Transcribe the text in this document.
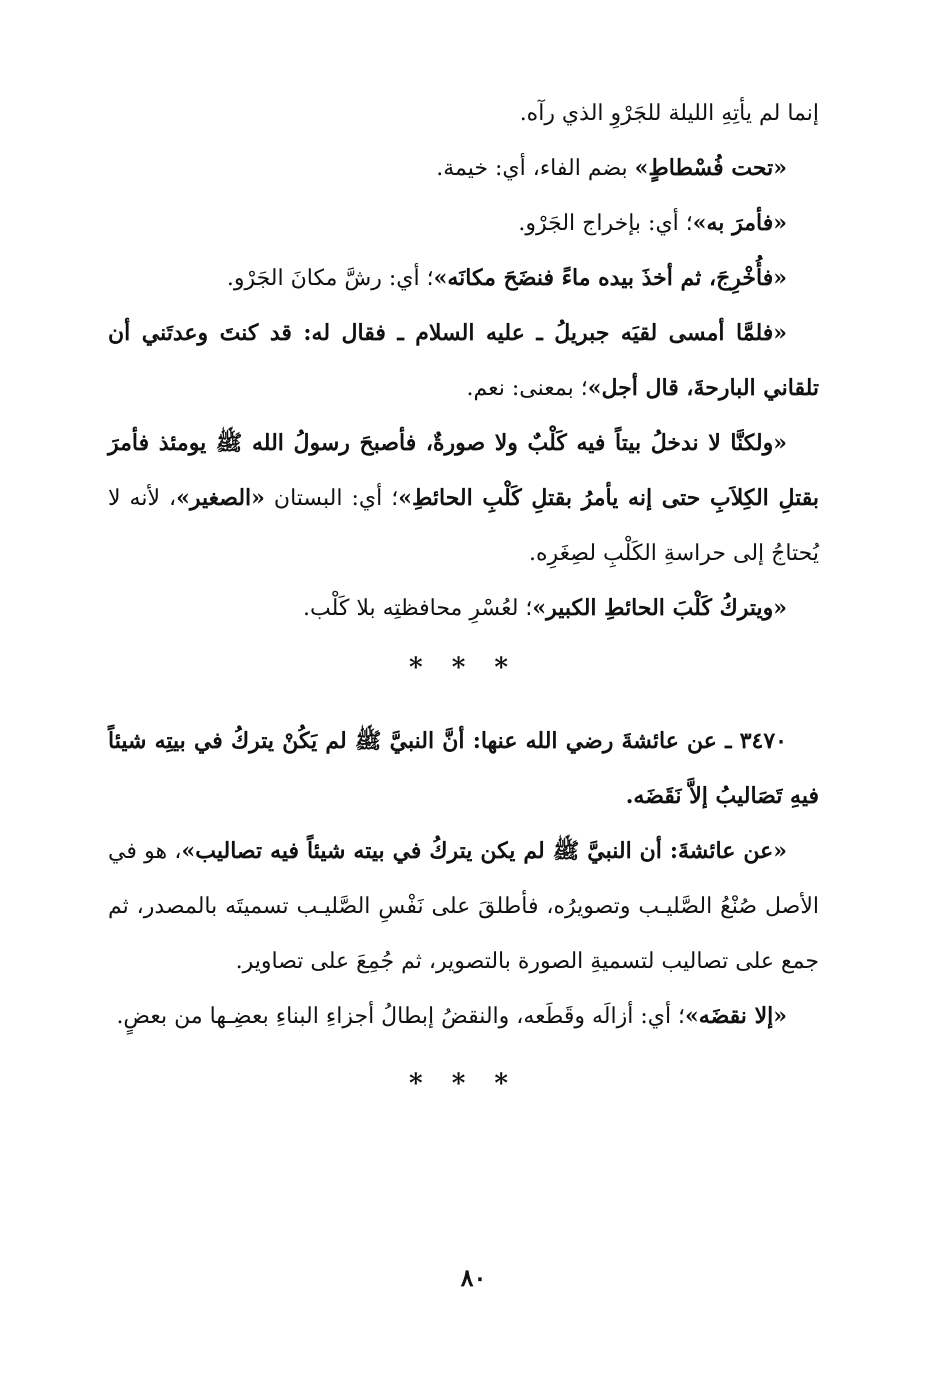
إنما لم يأتِهِ الليلة للجَرْوِ الذي رآه.

«تحت فُسْطاطٍ» بضم الفاء، أي: خيمة.

«فأمرَ به»؛ أي: بإخراج الجَرْو.

«فأُخْرِجَ، ثم أخذَ بيده ماءً فنضَحَ مكانَه»؛ أي: رشَّ مكانَ الجَرْو.

«فلمَّا أمسى لقيَه جبريلُ ـ عليه السلام ـ فقال له: قد كنتَ وعدتَني أن تلقاني البارحةَ، قال أجل»؛ بمعنى: نعم.

«ولكنَّا لا ندخلُ بيتاً فيه كَلْبٌ ولا صورةٌ، فأصبحَ رسولُ الله ﷺ يومئذ فأمرَ بقتلِ الكِلاَبِ حتى إنه يأمرُ بقتلِ كَلْبِ الحائطِ»؛ أي: البستان «الصغير»، لأنه لا يُحتاجُ إلى حراسةِ الكَلْبِ لصِغَرِه.

«ويتركُ كَلْبَ الحائطِ الكبير»؛ لعُسْرِ محافظتِه بلا كَلْب.

* * *

٣٤٧٠ ـ عن عائشةَ رضي الله عنها: أنَّ النبيَّ ﷺ لم يَكُنْ يتركُ في بيتِه شيئاً فيهِ تَصَاليبُ إلاَّ نَقَضَه.

«عن عائشةَ: أن النبيَّ ﷺ لم يكن يتركُ في بيته شيئاً فيه تصاليب»، هو في الأصل صُنْعُ الصَّليـب وتصويرُه، فأطلقَ على نَفْسِ الصَّليـب تسميتَه بالمصدر، ثم جمع على تصاليب لتسميةِ الصورة بالتصوير، ثم جُمِعَ على تصاوير.

«إلا نقضَه»؛ أي: أزالَه وقَطَعه، والنقضُ إبطالُ أجزاءِ البناءِ بعضِـها من بعضٍ.

* * *
٨٠
